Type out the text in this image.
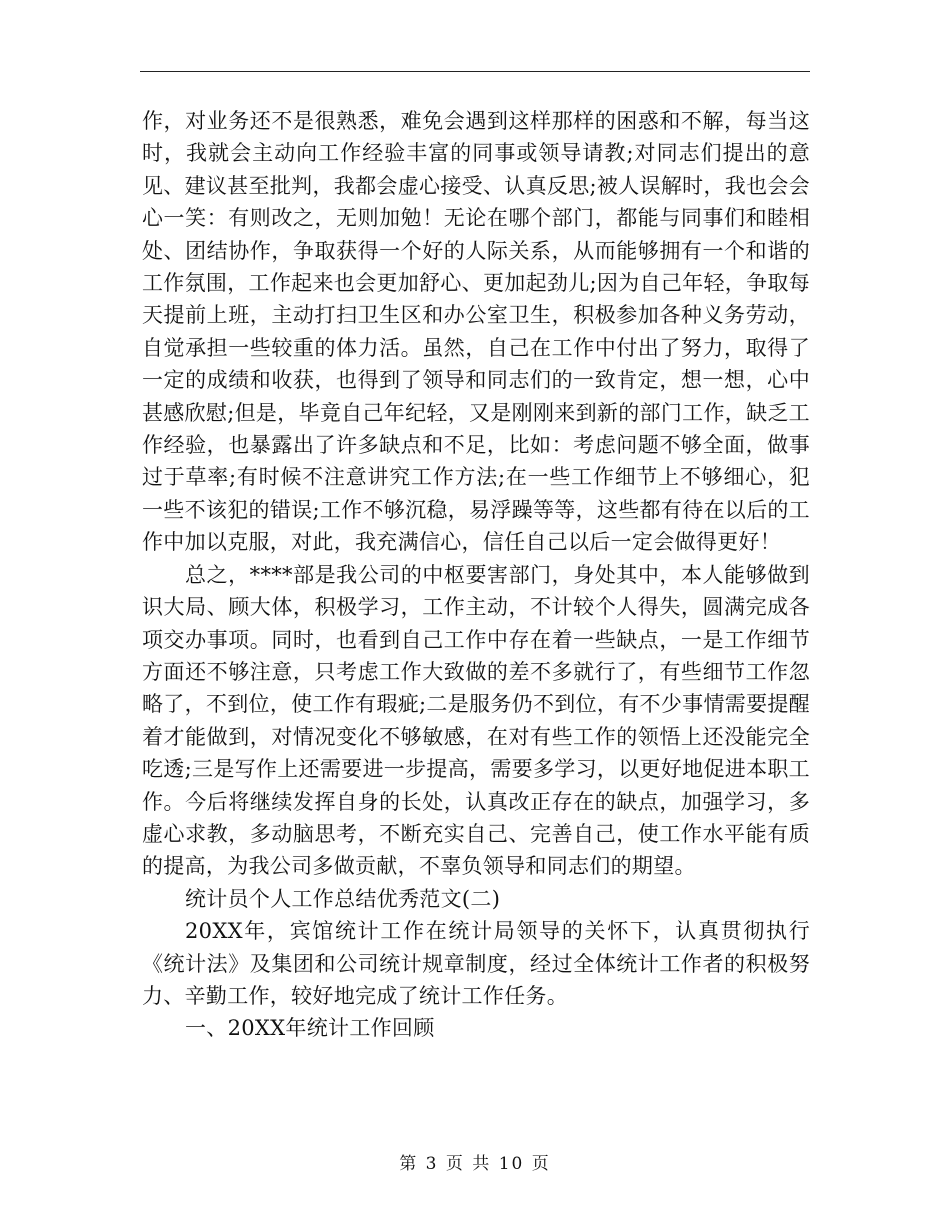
作，对业务还不是很熟悉，难免会遇到这样那样的困惑和不解，每当这时，我就会主动向工作经验丰富的同事或领导请教;对同志们提出的意见、建议甚至批判，我都会虚心接受、认真反思;被人误解时，我也会会心一笑：有则改之，无则加勉！无论在哪个部门，都能与同事们和睦相处、团结协作，争取获得一个好的人际关系，从而能够拥有一个和谐的工作氛围，工作起来也会更加舒心、更加起劲儿;因为自己年轻，争取每天提前上班，主动打扫卫生区和办公室卫生，积极参加各种义务劳动，自觉承担一些较重的体力活。虽然，自己在工作中付出了努力，取得了一定的成绩和收获，也得到了领导和同志们的一致肯定，想一想，心中甚感欣慰;但是，毕竟自己年纪轻，又是刚刚来到新的部门工作，缺乏工作经验，也暴露出了许多缺点和不足，比如：考虑问题不够全面，做事过于草率;有时候不注意讲究工作方法;在一些工作细节上不够细心，犯一些不该犯的错误;工作不够沉稳，易浮躁等等，这些都有待在以后的工作中加以克服，对此，我充满信心，信任自己以后一定会做得更好！

总之，****部是我公司的中枢要害部门，身处其中，本人能够做到识大局、顾大体，积极学习，工作主动，不计较个人得失，圆满完成各项交办事项。同时，也看到自己工作中存在着一些缺点，一是工作细节方面还不够注意，只考虑工作大致做的差不多就行了，有些细节工作忽略了，不到位，使工作有瑕疵;二是服务仍不到位，有不少事情需要提醒着才能做到，对情况变化不够敏感，在对有些工作的领悟上还没能完全吃透;三是写作上还需要进一步提高，需要多学习，以更好地促进本职工作。今后将继续发挥自身的长处，认真改正存在的缺点，加强学习，多虚心求教，多动脑思考，不断充实自己、完善自己，使工作水平能有质的提高，为我公司多做贡献，不辜负领导和同志们的期望。

统计员个人工作总结优秀范文(二)

20XX年，宾馆统计工作在统计局领导的关怀下，认真贯彻执行《统计法》及集团和公司统计规章制度，经过全体统计工作者的积极努力、辛勤工作，较好地完成了统计工作任务。

一、20XX年统计工作回顾

第 3 页 共 10 页
